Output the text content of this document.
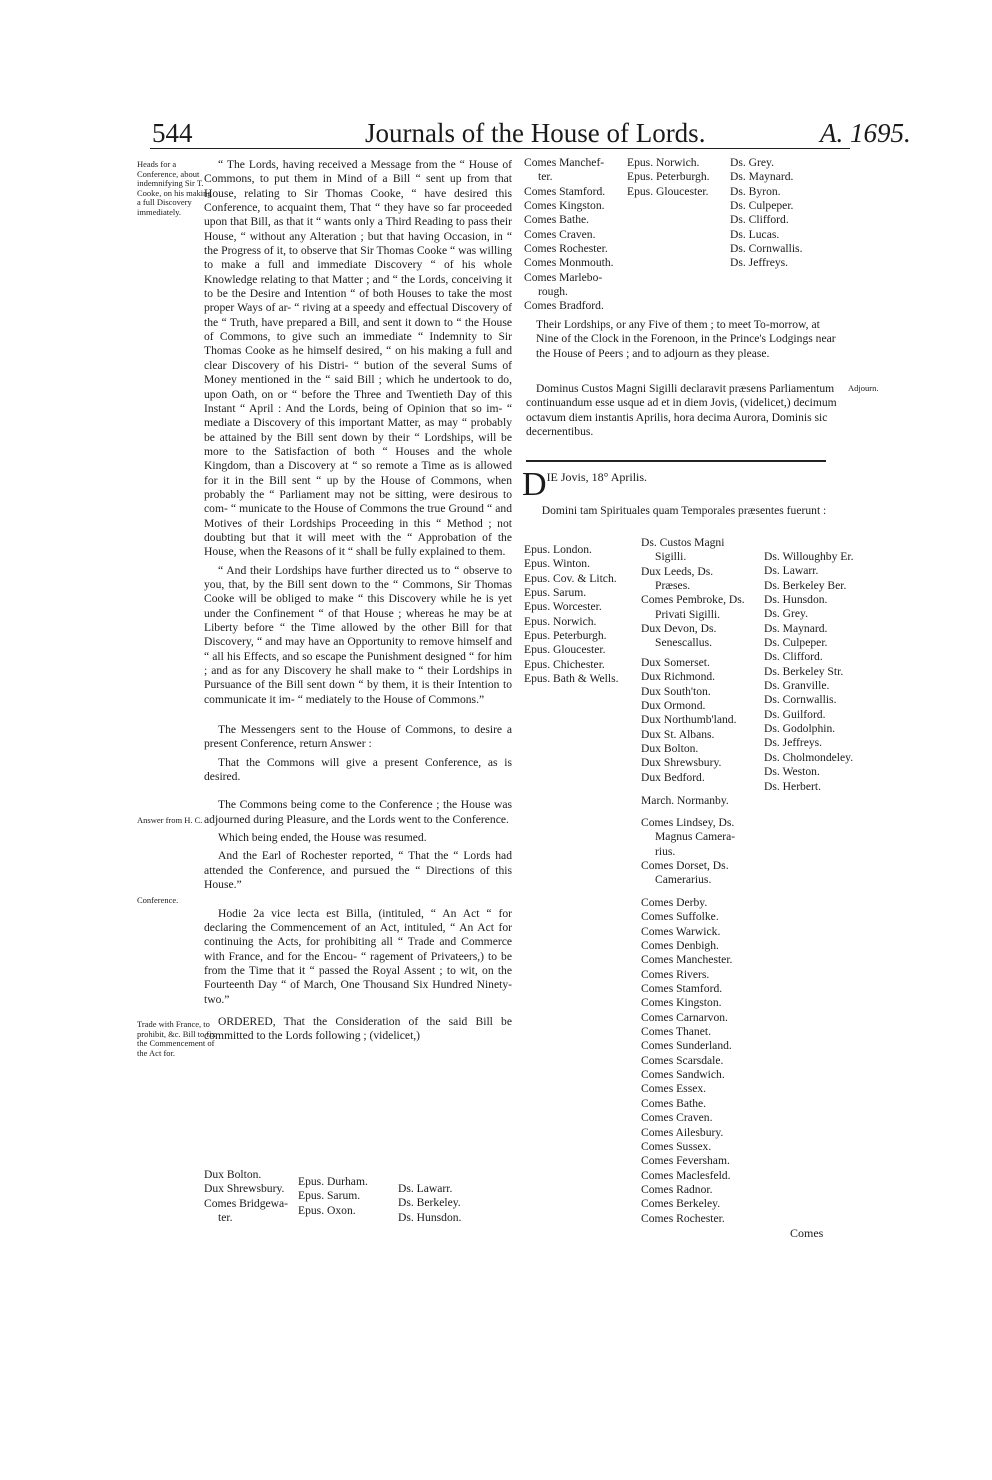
544	Journals of the House of Lords.	A. 1695.
Heads for a Conference, about indemnifying Sir T. Cooke, on his making a full Discovery immediately.
Answer from H. C.
Conference.
Trade with France, to prohibit, &c. Bill to fix the Commencement of the Act for.

“ The Lords, having received a Message from the “ House of Commons, to put them in Mind of a Bill “ sent up from that House, relating to Sir Thomas Cooke, “ have desired this Conference, to acquaint them, That “ they have so far proceeded upon that Bill, as that it “ wants only a Third Reading to pass their House, “ without any Alteration ; but that having Occasion, in “ the Progress of it, to observe that Sir Thomas Cooke “ was willing to make a full and immediate Discovery “ of his whole Knowledge relating to that Matter ; and “ the Lords, conceiving it to be the Desire and Intention “ of both Houses to take the most proper Ways of ar- “ riving at a speedy and effectual Discovery of the “ Truth, have prepared a Bill, and sent it down to “ the House of Commons, to give such an immediate “ Indemnity to Sir Thomas Cooke as he himself desired, “ on his making a full and clear Discovery of his Distri- “ bution of the several Sums of Money mentioned in the “ said Bill ; which he undertook to do, upon Oath, on or “ before the Three and Twentieth Day of this Instant “ April : And the Lords, being of Opinion that so im- “ mediate a Discovery of this important Matter, as may “ probably be attained by the Bill sent down by their “ Lordships, will be more to the Satisfaction of both “ Houses and the whole Kingdom, than a Discovery at “ so remote a Time as is allowed for it in the Bill sent “ up by the House of Commons, when probably the “ Parliament may not be sitting, were desirous to com- “ municate to the House of Commons the true Ground “ and Motives of their Lordships Proceeding in this “ Method ; not doubting but that it will meet with the “ Approbation of the House, when the Reasons of it “ shall be fully explained to them.

“ And their Lordships have further directed us to “ observe to you, that, by the Bill sent down to the “ Commons, Sir Thomas Cooke will be obliged to make “ this Discovery while he is yet under the Confinement “ of that House ; whereas he may be at Liberty before “ the Time allowed by the other Bill for that Discovery, “ and may have an Opportunity to remove himself and “ all his Effects, and so escape the Punishment designed “ for him ; and as for any Discovery he shall make to “ their Lordships in Pursuance of the Bill sent down “ by them, it is their Intention to communicate it im- “ mediately to the House of Commons.”

The Messengers sent to the House of Commons, to desire a present Conference, return Answer :

That the Commons will give a present Conference, as is desired.

The Commons being come to the Conference ; the House was adjourned during Pleasure, and the Lords went to the Conference.

Which being ended, the House was resumed.

And the Earl of Rochester reported, “ That the “ Lords had attended the Conference, and pursued the “ Directions of this House.”

Hodie 2a vice lecta est Billa, (intituled, “ An Act “ for declaring the Commencement of an Act, intituled, “ An Act for continuing the Acts, for prohibiting all “ Trade and Commerce with France, and for the Encou- “ ragement of Privateers,) to be from the Time that it “ passed the Royal Assent ; to wit, on the Fourteenth Day “ of March, One Thousand Six Hundred Ninety-two.”

ORDERED, That the Consideration of the said Bill be committed to the Lords following ; (videlicet,)

Dux Bolton.
Dux Shrewsbury.
Comes Bridgewa-
ter.
Epus. Durham.
Epus. Sarum.
Epus. Oxon.
Ds. Lawarr.
Ds. Berkeley.
Ds. Hunsdon.
Comes Manchef-
ter.
Comes Stamford.
Comes Kingston.
Comes Bathe.
Comes Craven.
Comes Rochester.
Comes Monmouth.
Comes Marlebo-
rough.
Comes Bradford.
Epus. Norwich.
Epus. Peterburgh.
Epus. Gloucester.
Ds. Grey.
Ds. Maynard.
Ds. Byron.
Ds. Culpeper.
Ds. Clifford.
Ds. Lucas.
Ds. Cornwallis.
Ds. Jeffreys.
Their Lordships, or any Five of them ; to meet To-morrow, at Nine of the Clock in the Forenoon, in the Prince's Lodgings near the House of Peers ; and to adjourn as they please.
Dominus Custos Magni Sigilli declaravit præsens Parliamentum continuandum esse usque ad et in diem Jovis, (videlicet,) decimum octavum diem instantis Aprilis, hora decima Aurora, Dominis sic decernentibus.
Adjourn.
DIE Jovis, 18° Aprilis.
Domini tam Spirituales quam Temporales præsentes fuerunt :
Epus. London.
Epus. Winton.
Epus. Cov. & Litch.
Epus. Sarum.
Epus. Worcester.
Epus. Norwich.
Epus. Peterburgh.
Epus. Gloucester.
Epus. Chichester.
Epus. Bath & Wells.
Ds. Custos Magni
Sigilli.
Dux Leeds, Ds.
Præses.
Comes Pembroke, Ds.
Privati Sigilli.
Dux Devon, Ds.
Senescallus.
Dux Somerset.
Dux Richmond.
Dux South'ton.
Dux Ormond.
Dux Northumb'land.
Dux St. Albans.
Dux Bolton.
Dux Shrewsbury.
Dux Bedford.
March. Normanby.
Comes Lindsey, Ds.
Magnus Camera-
rius.
Comes Dorset, Ds.
Camerarius.
Comes Derby.
Comes Suffolke.
Comes Warwick.
Comes Denbigh.
Comes Manchester.
Comes Rivers.
Comes Stamford.
Comes Kingston.
Comes Carnarvon.
Comes Thanet.
Comes Sunderland.
Comes Scarsdale.
Comes Sandwich.
Comes Essex.
Comes Bathe.
Comes Craven.
Comes Ailesbury.
Comes Sussex.
Comes Feversham.
Comes Maclesfeld.
Comes Radnor.
Comes Berkeley.
Comes Rochester.
Ds. Willoughby Er.
Ds. Lawarr.
Ds. Berkeley Ber.
Ds. Hunsdon.
Ds. Grey.
Ds. Maynard.
Ds. Culpeper.
Ds. Clifford.
Ds. Berkeley Str.
Ds. Granville.
Ds. Cornwallis.
Ds. Guilford.
Ds. Godolphin.
Ds. Jeffreys.
Ds. Cholmondeley.
Ds. Weston.
Ds. Herbert.
Comes
